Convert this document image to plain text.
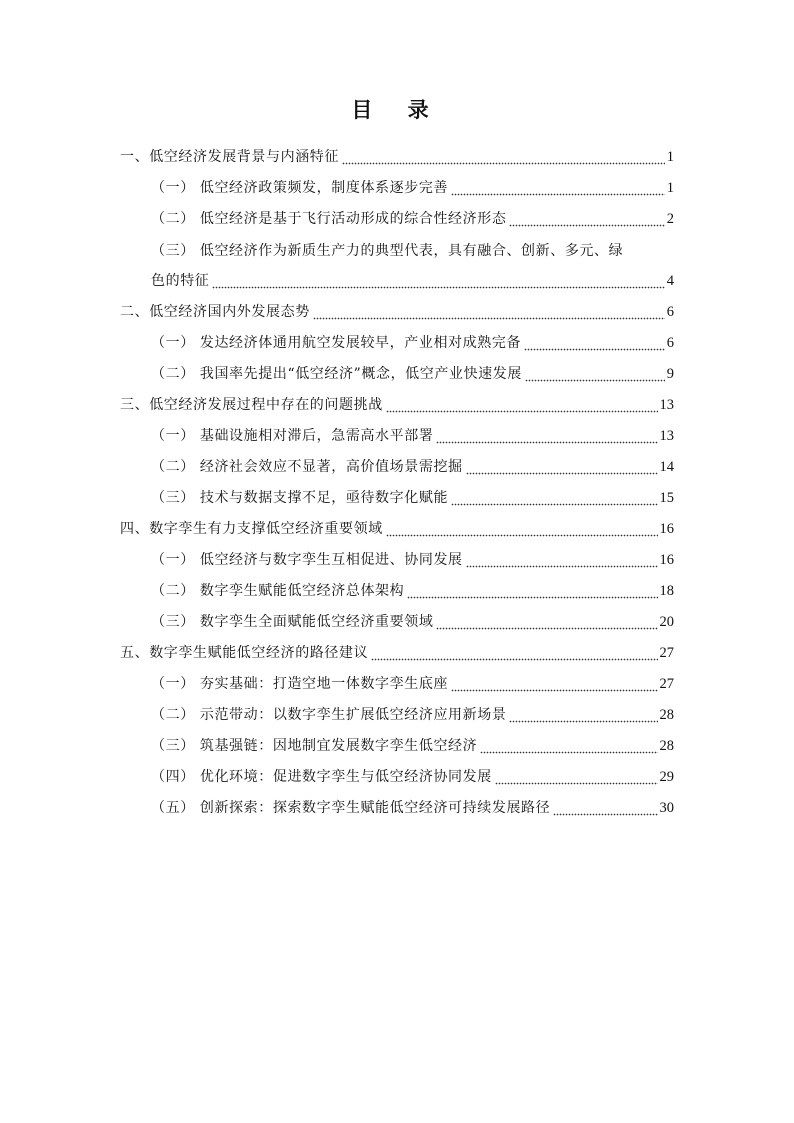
目 录
一、低空经济发展背景与内涵特征	1
（一） 低空经济政策频发，制度体系逐步完善	1
（二） 低空经济是基于飞行活动形成的综合性经济形态	2
（三） 低空经济作为新质生产力的典型代表，具有融合、创新、多元、绿
色的特征	4
二、低空经济国内外发展态势	6
（一） 发达经济体通用航空发展较早，产业相对成熟完备	6
（二） 我国率先提出“低空经济”概念，低空产业快速发展	9
三、低空经济发展过程中存在的问题挑战	13
（一） 基础设施相对滞后，急需高水平部署	13
（二） 经济社会效应不显著，高价值场景需挖掘	14
（三） 技术与数据支撑不足，亟待数字化赋能	15
四、数字孪生有力支撑低空经济重要领域	16
（一） 低空经济与数字孪生互相促进、协同发展	16
（二） 数字孪生赋能低空经济总体架构	18
（三） 数字孪生全面赋能低空经济重要领域	20
五、数字孪生赋能低空经济的路径建议	27
（一） 夯实基础：打造空地一体数字孪生底座	27
（二） 示范带动：以数字孪生扩展低空经济应用新场景	28
（三） 筑基强链：因地制宜发展数字孪生低空经济	28
（四） 优化环境：促进数字孪生与低空经济协同发展	29
（五） 创新探索：探索数字孪生赋能低空经济可持续发展路径	30
